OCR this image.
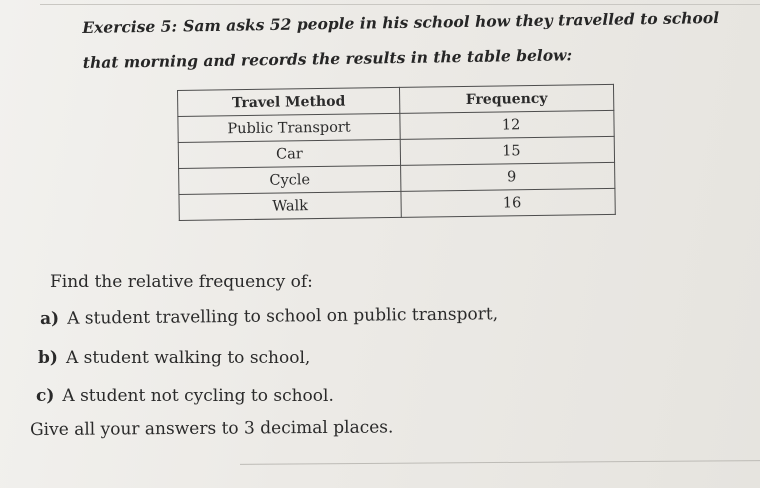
Exercise 5: Sam asks 52 people in his school how they travelled to school that morning and records the results in the table below:
Travel Method	Frequency
Public Transport	12
Car	15
Cycle	9
Walk	16
Find the relative frequency of:
a) A student travelling to school on public transport,
b) A student walking to school,
c) A student not cycling to school.
Give all your answers to 3 decimal places.
